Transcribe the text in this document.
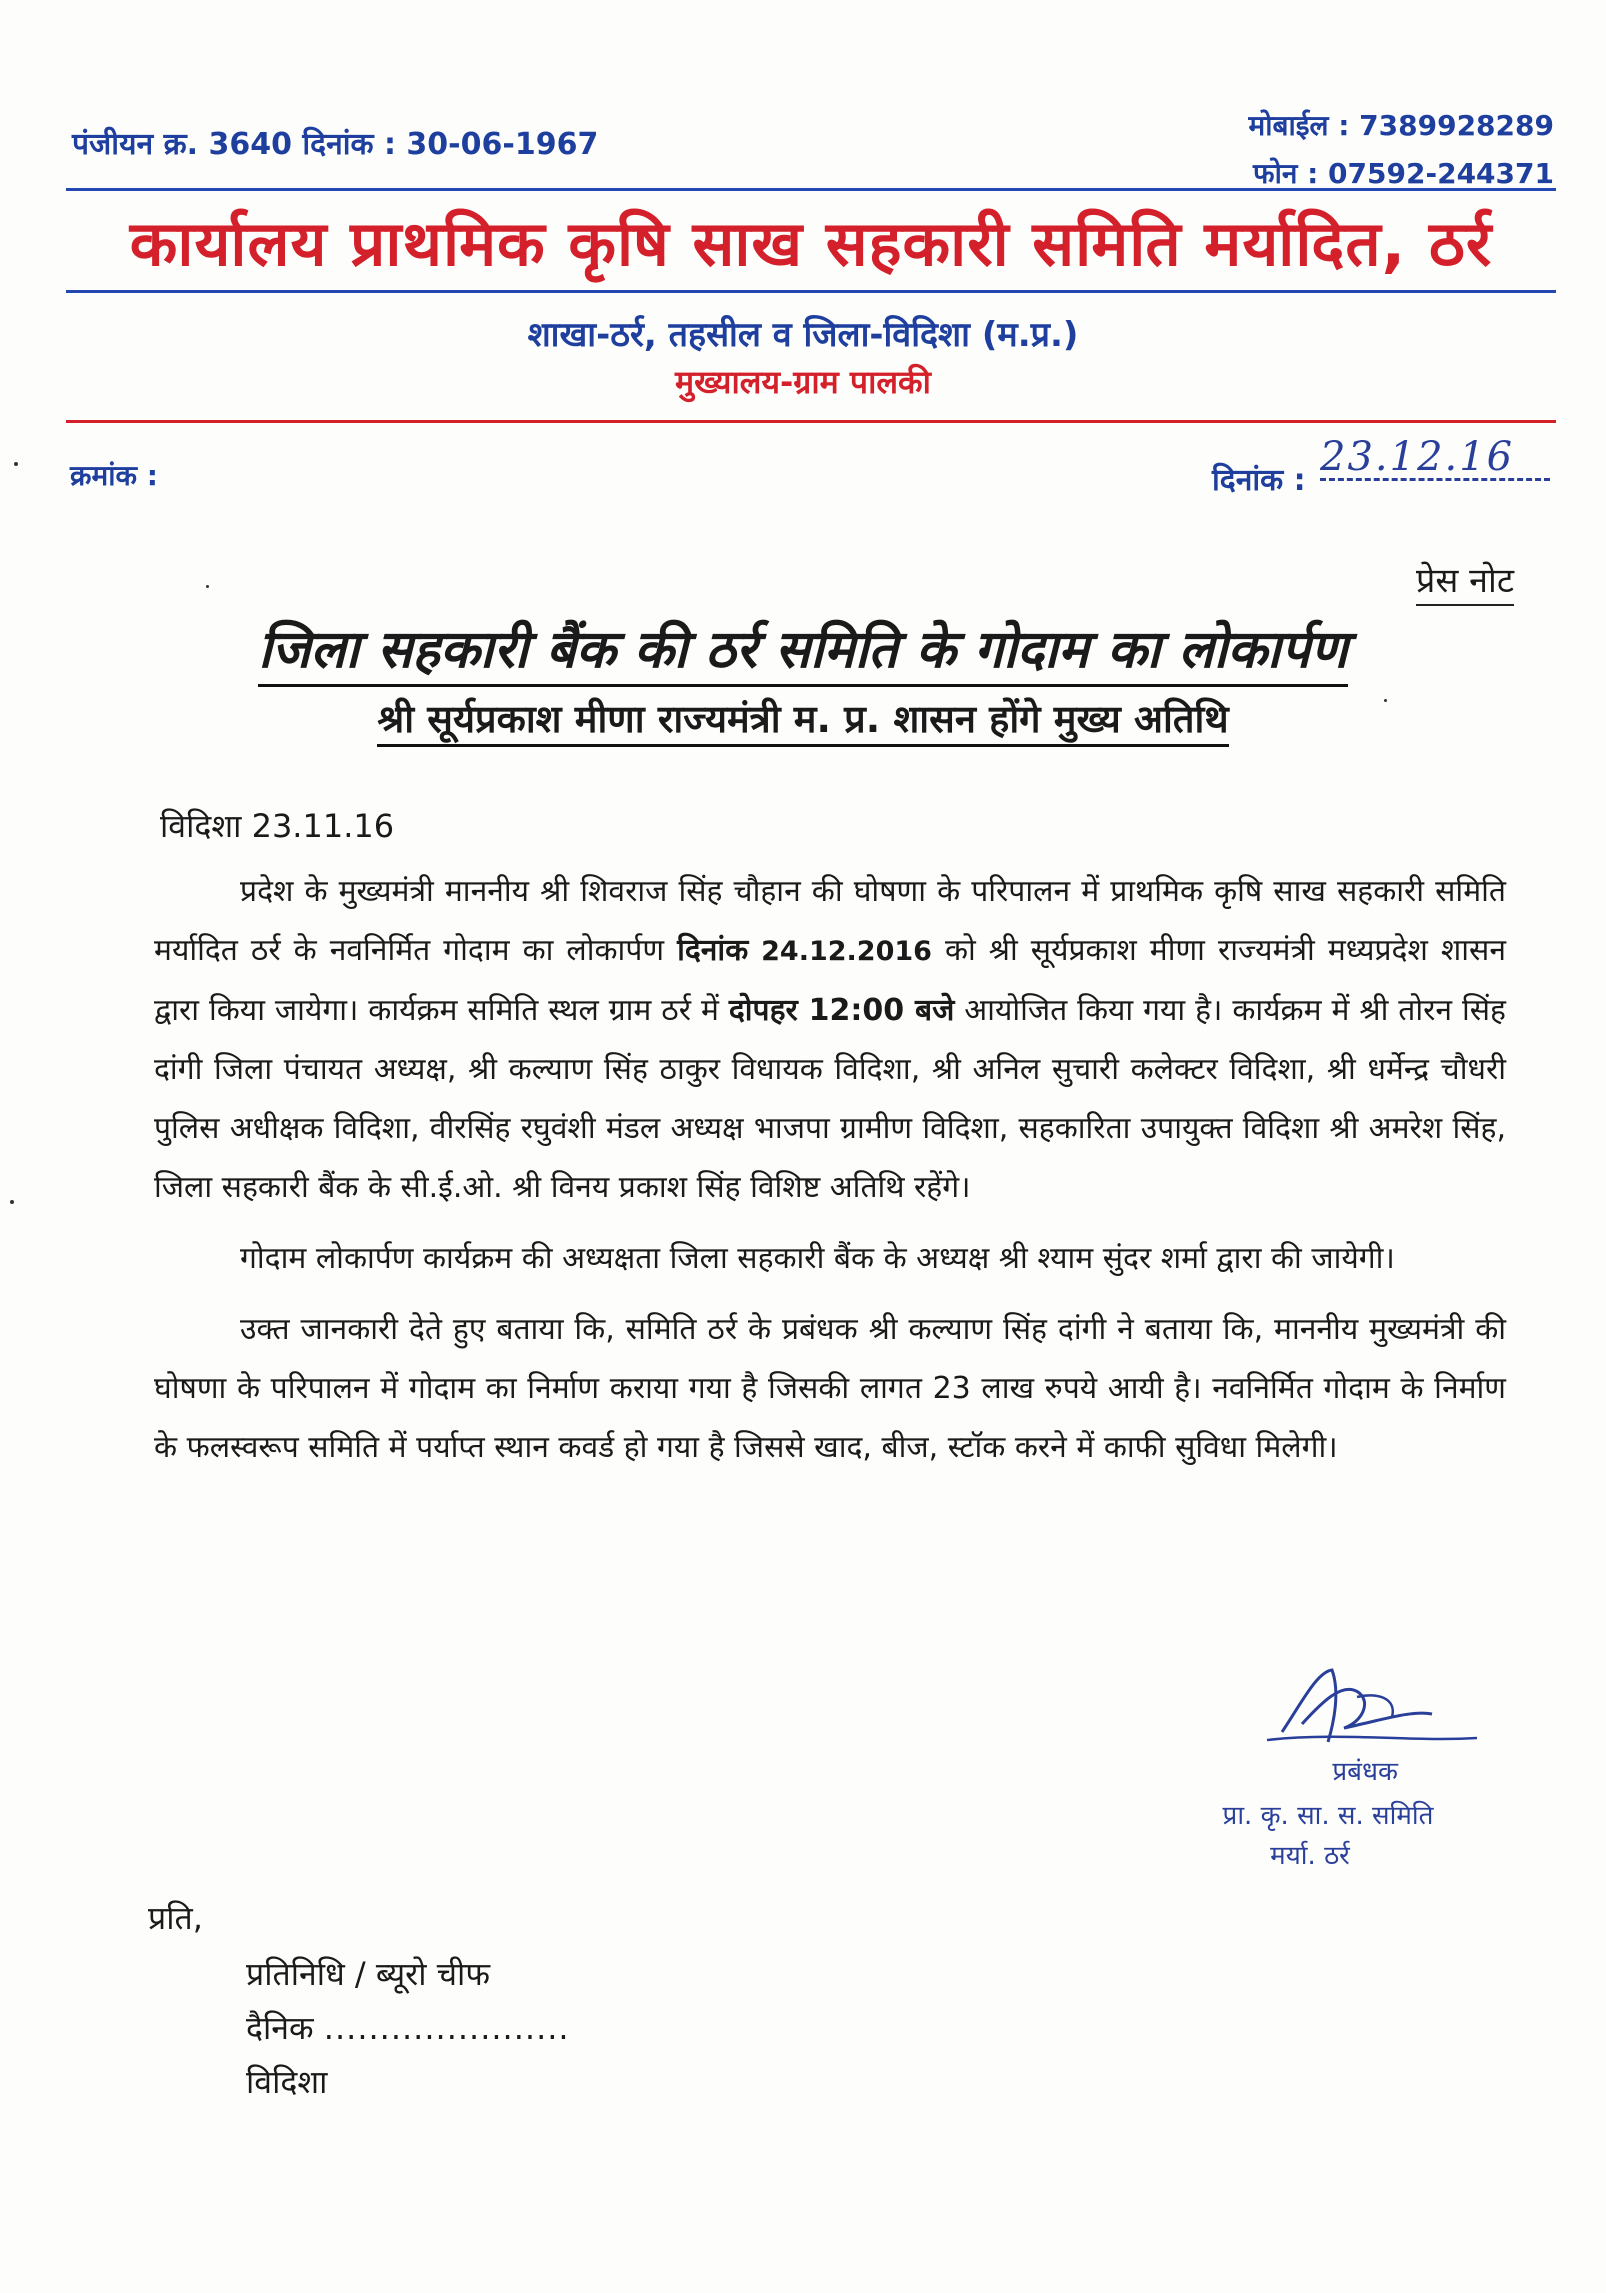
पंजीयन क्र. 3640 दिनांक : 30-06-1967
मोबाईल : 7389928289
फोन : 07592-244371
कार्यालय प्राथमिक कृषि साख सहकारी समिति मर्यादित, ठर्र
शाखा-ठर्र, तहसील व जिला-विदिशा (म.प्र.)
मुख्यालय-ग्राम पालकी
क्रमांक :	दिनांक :
23.12.16
प्रेस नोट
जिला सहकारी बैंक की ठर्र समिति के गोदाम का लोकार्पण
श्री सूर्यप्रकाश मीणा राज्यमंत्री म. प्र. शासन होंगे मुख्य अतिथि
विदिशा 23.11.16

प्रदेश के मुख्यमंत्री माननीय श्री शिवराज सिंह चौहान की घोषणा के परिपालन में प्राथमिक कृषि साख सहकारी समिति मर्यादित ठर्र के नवनिर्मित गोदाम का लोकार्पण दिनांक 24.12.2016 को श्री सूर्यप्रकाश मीणा राज्यमंत्री मध्यप्रदेश शासन द्वारा किया जायेगा। कार्यक्रम समिति स्थल ग्राम ठर्र में दोपहर 12:00 बजे आयोजित किया गया है। कार्यक्रम में श्री तोरन सिंह दांगी जिला पंचायत अध्यक्ष, श्री कल्याण सिंह ठाकुर विधायक विदिशा, श्री अनिल सुचारी कलेक्टर विदिशा, श्री धर्मेन्द्र चौधरी पुलिस अधीक्षक विदिशा, वीरसिंह रघुवंशी मंडल अध्यक्ष भाजपा ग्रामीण विदिशा, सहकारिता उपायुक्त विदिशा श्री अमरेश सिंह, जिला सहकारी बैंक के सी.ई.ओ. श्री विनय प्रकाश सिंह विशिष्ट अतिथि रहेंगे।

गोदाम लोकार्पण कार्यक्रम की अध्यक्षता जिला सहकारी बैंक के अध्यक्ष श्री श्याम सुंदर शर्मा द्वारा की जायेगी।

उक्त जानकारी देते हुए बताया कि, समिति ठर्र के प्रबंधक श्री कल्याण सिंह दांगी ने बताया कि, माननीय मुख्यमंत्री की घोषणा के परिपालन में गोदाम का निर्माण कराया गया है जिसकी लागत 23 लाख रुपये आयी है। नवनिर्मित गोदाम के निर्माण के फलस्वरूप समिति में पर्याप्त स्थान कवर्ड हो गया है जिससे खाद, बीज, स्टॉक करने में काफी सुविधा मिलेगी।

प्रबंधक
प्रा. कृ. सा. स. समिति
मर्या. ठर्र
प्रति,
प्रतिनिधि / ब्यूरो चीफ
दैनिक ......................
विदिशा
